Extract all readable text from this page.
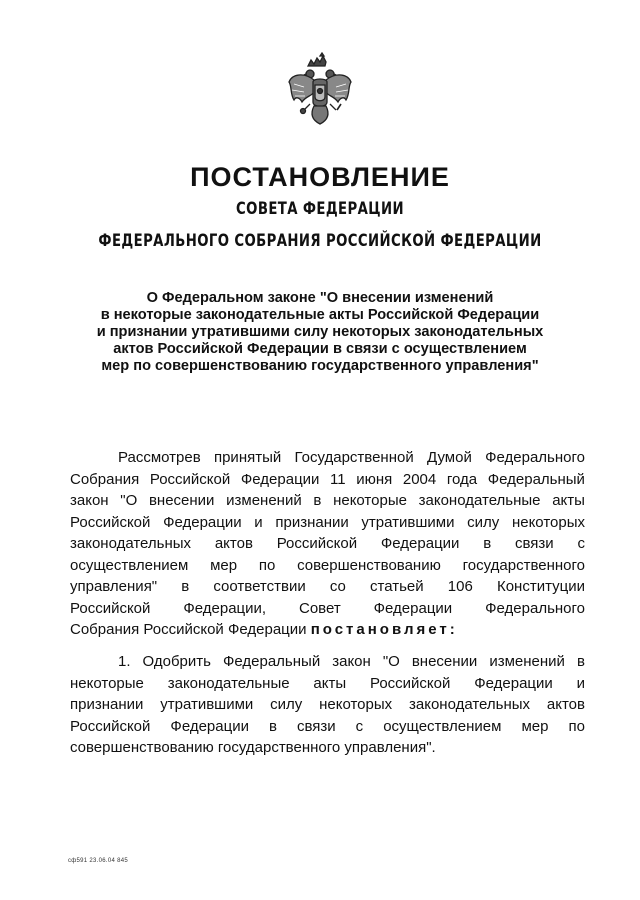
ПОСТАНОВЛЕНИЕ
СОВЕТА ФЕДЕРАЦИИ
ФЕДЕРАЛЬНОГО СОБРАНИЯ РОССИЙСКОЙ ФЕДЕРАЦИИ
О Федеральном законе "О внесении изменений
в некоторые законодательные акты Российской Федерации
и признании утратившими силу некоторых законодательных
актов Российской Федерации в связи с осуществлением
мер по совершенствованию государственного управления"
Рассмотрев принятый Государственной Думой Федерального
Собрания Российской Федерации 11 июня 2004 года Федеральный
закон "О внесении изменений в некоторые законодательные акты
Российской Федерации и признании утратившими силу некоторых
законодательных актов Российской Федерации в связи с
осуществлением мер по совершенствованию государственного
управления" в соответствии со статьей 106 Конституции
Российской Федерации, Совет Федерации Федерального
Собрания Российской Федерации постановляет:
1. Одобрить Федеральный закон "О внесении изменений в
некоторые законодательные акты Российской Федерации и
признании утратившими силу некоторых законодательных актов
Российской Федерации в связи с осуществлением мер по
совершенствованию государственного управления".
сф591 23.06.04 845
